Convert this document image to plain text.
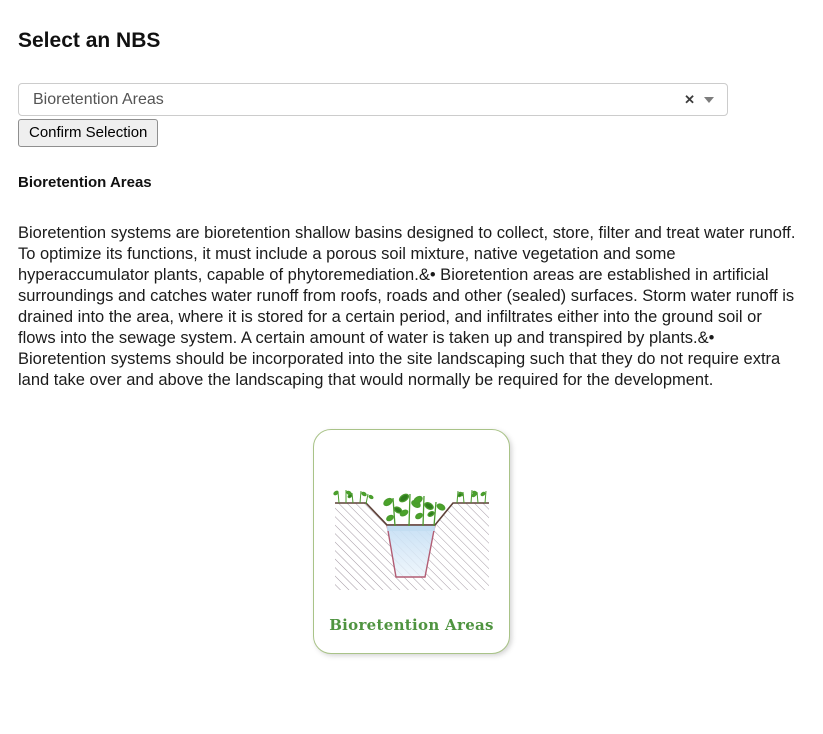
Select an NBS
Bioretention Areas	✕
Confirm Selection
Bioretention Areas

Bioretention systems are bioretention shallow basins designed to collect, store, filter and treat water runoff. To optimize its functions, it must include a porous soil mixture, native vegetation and some hyperaccumulator plants, capable of phytoremediation.&• Bioretention areas are established in artificial surroundings and catches water runoff from roofs, roads and other (sealed) surfaces. Storm water runoff is drained into the area, where it is stored for a certain period, and infiltrates either into the ground soil or flows into the sewage system. A certain amount of water is taken up and transpired by plants.&• Bioretention systems should be incorporated into the site landscaping such that they do not require extra land take over and above the landscaping that would normally be required for the development.

Bioretention Areas
